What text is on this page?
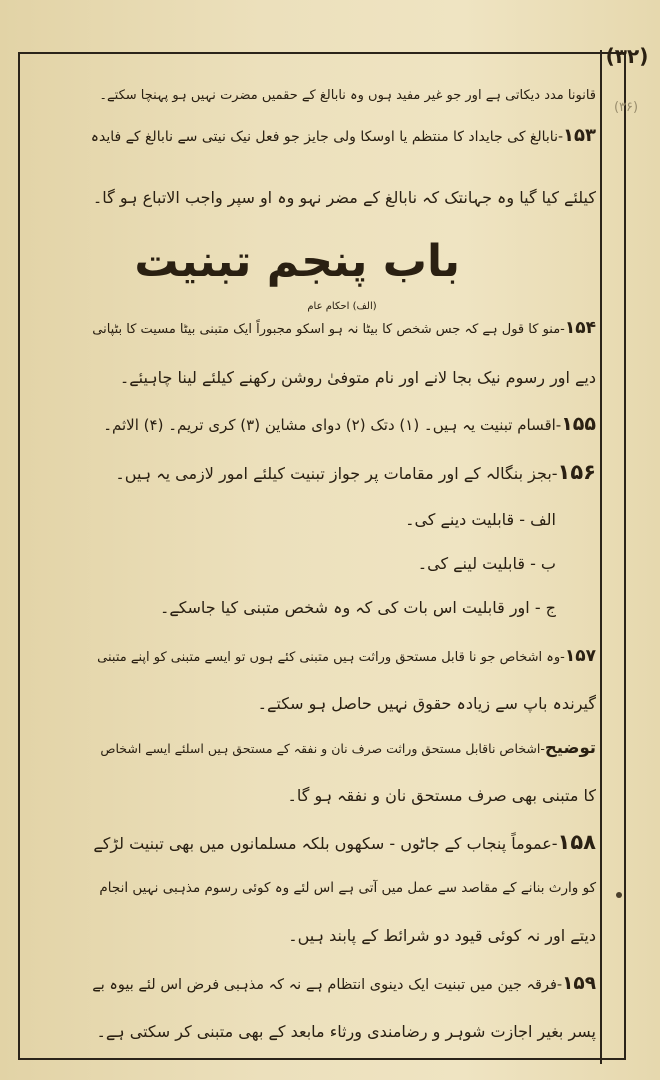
(۳۲)
(۳۶)
قانونا مدد دیکاتی ہے اور جو غیر مفید ہوں وہ نابالغ کے حقمیں مضرت نہیں ہو پہنچا سکتے۔
۱۵۳-نابالغ کی جایداد کا منتظم یا اوسکا ولی جایز جو فعل نیک نیتی سے نابالغ کے فایدہ
کیلئے کیا گیا وہ جہانتک کہ نابالغ کے مضر نہو وہ او سپر واجب الاتباع ہو گا۔
باب پنجم تبنیت
(الف) احکام عام
۱۵۴-منو کا قول ہے کہ جس شخص کا بیٹا نہ ہو اسکو مجبوراً ایک متبنی بیٹا مسیت کا بٹپانی
دیے اور رسوم نیک بجا لانے اور نام متوفیٰ روشن رکھنے کیلئے لینا چاہیئے۔
۱۵۵-اقسام تبنیت یہ ہیں۔ (۱) دتک (۲) دوای مشاین (۳) کری تریم۔ (۴) الاثم۔
۱۵۶-بجز بنگالہ کے اور مقامات پر جواز تبنیت کیلئے امور لازمی یہ ہیں۔
الف - قابلیت دینے کی۔
ب - قابلیت لینے کی۔
ج - اور قابلیت اس بات کی کہ وہ شخص متبنی کیا جاسکے۔
۱۵۷-وہ اشخاص جو نا قابل مستحق وراثت ہیں متبنی کئے ہوں تو ایسے متبنی کو اپنے متبنی
گیرندہ باپ سے زیادہ حقوق نہیں حاصل ہو سکتے۔
توضیح-اشخاص ناقابل مستحق وراثت صرف نان و نفقہ کے مستحق ہیں اسلئے ایسے اشخاص
کا متبنی بھی صرف مستحق نان و نفقہ ہو گا۔
۱۵۸-عموماً پنجاب کے جاٹوں - سکھوں بلکہ مسلمانوں میں بھی تبنیت لڑکے
کو وارث بنانے کے مقاصد سے عمل میں آتی ہے اس لئے وہ کوئی رسوم مذہبی نہیں انجام
دیتے اور نہ کوئی قیود دو شرائط کے پابند ہیں۔
۱۵۹-فرقہ جین میں تبنیت ایک دینوی انتظام ہے نہ کہ مذہبی فرض اس لئے بیوہ بے
پسر بغیر اجازت شوہر و رضامندی ورثاء مابعد کے بھی متبنی کر سکتی ہے۔
